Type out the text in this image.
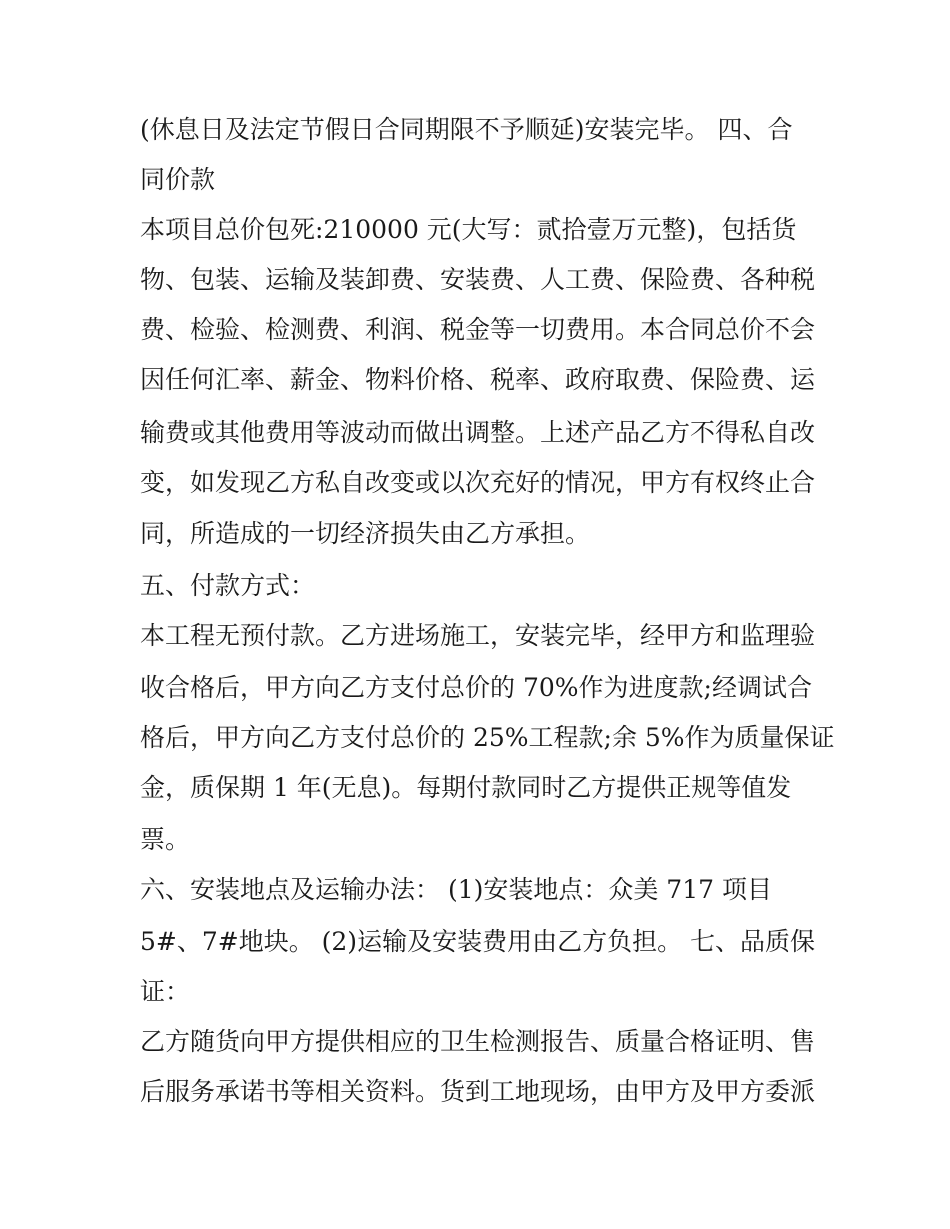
(休息日及法定节假日合同期限不予顺延)安装完毕。 四、合

同价款

本项目总价包死:210000 元(大写：贰拾壹万元整)，包括货

物、包装、运输及装卸费、安装费、人工费、保险费、各种税

费、检验、检测费、利润、税金等一切费用。本合同总价不会

因任何汇率、薪金、物料价格、税率、政府取费、保险费、运

输费或其他费用等波动而做出调整。上述产品乙方不得私自改

变，如发现乙方私自改变或以次充好的情况，甲方有权终止合

同，所造成的一切经济损失由乙方承担。

五、付款方式：

本工程无预付款。乙方进场施工，安装完毕，经甲方和监理验

收合格后，甲方向乙方支付总价的 70%作为进度款;经调试合

格后，甲方向乙方支付总价的 25%工程款;余 5%作为质量保证

金，质保期 1 年(无息)。每期付款同时乙方提供正规等值发

票。

六、安装地点及运输办法： (1)安装地点：众美 717 项目

5#、7#地块。 (2)运输及安装费用由乙方负担。 七、品质保

证：

乙方随货向甲方提供相应的卫生检测报告、质量合格证明、售

后服务承诺书等相关资料。货到工地现场，由甲方及甲方委派
